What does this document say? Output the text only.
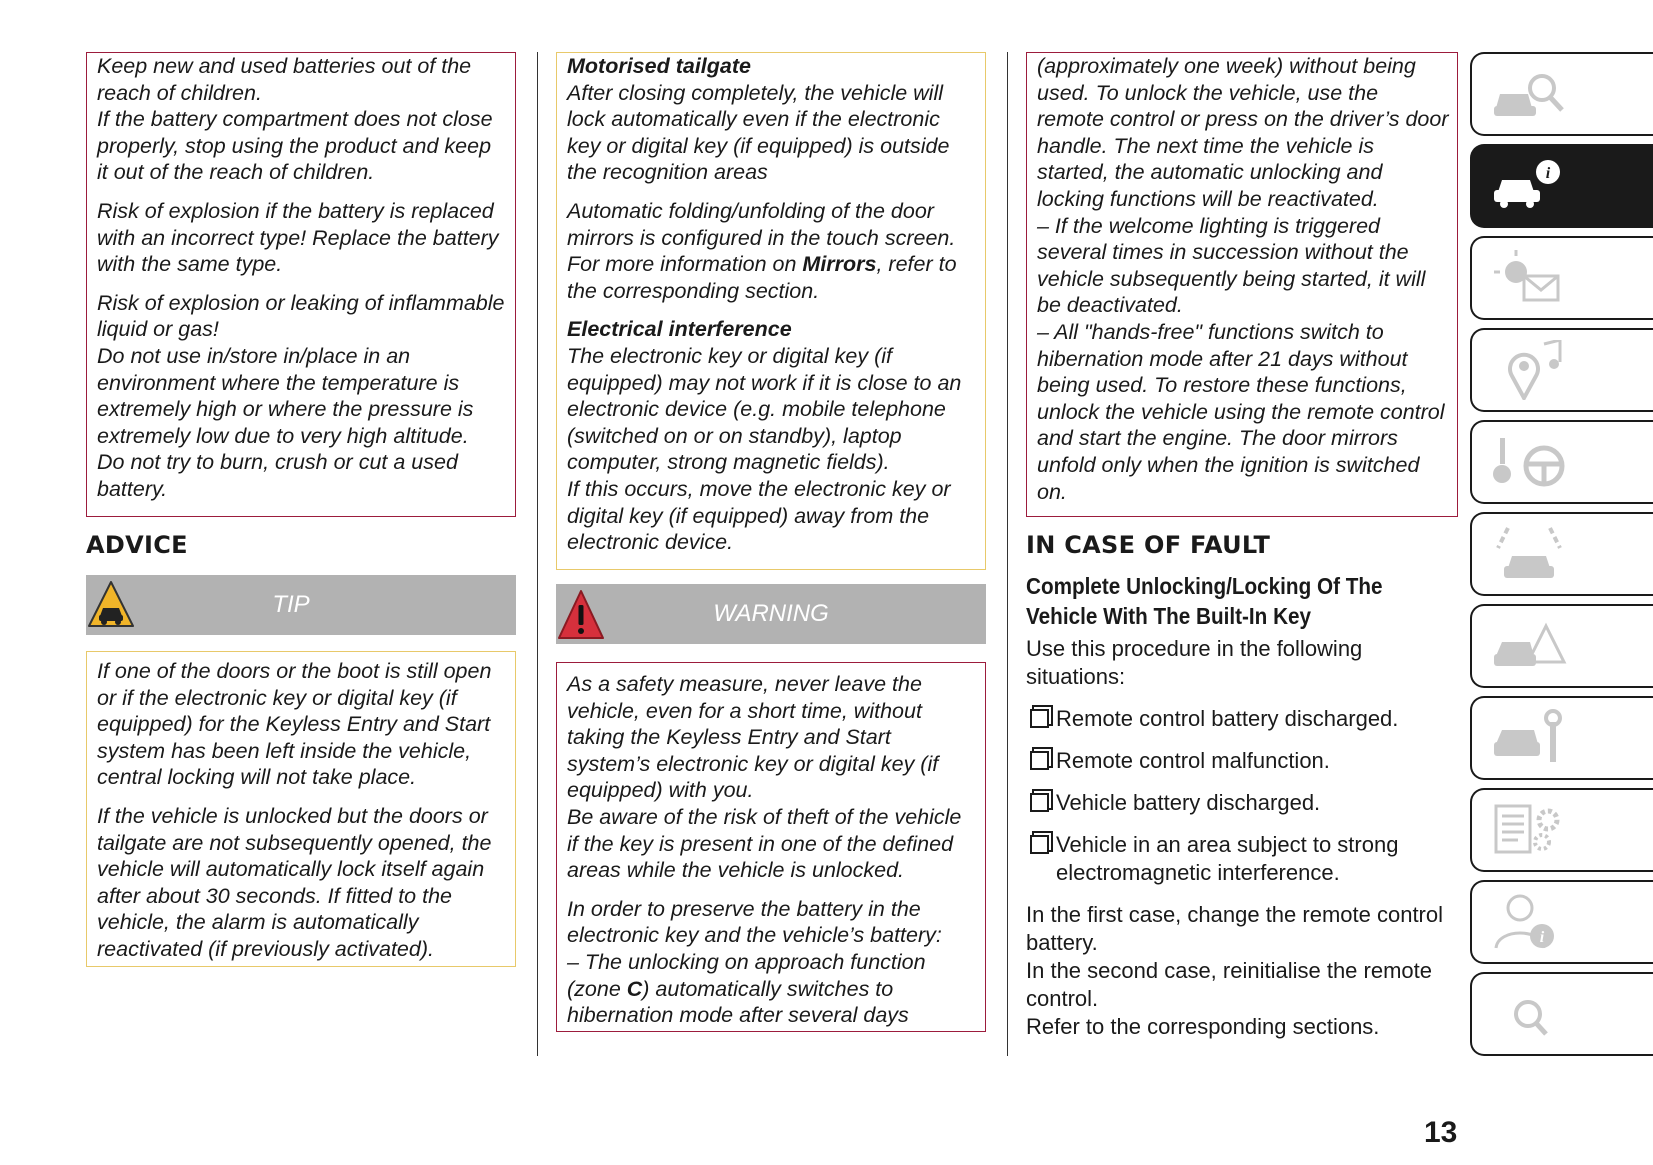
Keep new and used batteries out of the reach of children.
If the battery compartment does not close properly, stop using the product and keep it out of the reach of children.

Risk of explosion if the battery is replaced with an incorrect type! Replace the battery with the same type.

Risk of explosion or leaking of inflammable liquid or gas!
Do not use in/store in/place in an environment where the temperature is extremely high or where the pressure is extremely low due to very high altitude.
Do not try to burn, crush or cut a used battery.

ADVICE
TIP

If one of the doors or the boot is still open or if the electronic key or digital key (if equipped) for the Keyless Entry and Start system has been left inside the vehicle, central locking will not take place.

If the vehicle is unlocked but the doors or tailgate are not subsequently opened, the vehicle will automatically lock itself again after about 30 seconds. If fitted to the vehicle, the alarm is automatically reactivated (if previously activated).

Motorised tailgate
After closing completely, the vehicle will lock automatically even if the electronic key or digital key (if equipped) is outside the recognition areas

Automatic folding/unfolding of the door mirrors is configured in the touch screen. For more information on Mirrors, refer to the corresponding section.

Electrical interference
The electronic key or digital key (if equipped) may not work if it is close to an electronic device (e.g. mobile telephone (switched on or on standby), laptop computer, strong magnetic fields).
If this occurs, move the electronic key or digital key (if equipped) away from the electronic device.

WARNING

As a safety measure, never leave the vehicle, even for a short time, without taking the Keyless Entry and Start system’s electronic key or digital key (if equipped) with you.
Be aware of the risk of theft of the vehicle if the key is present in one of the defined areas while the vehicle is unlocked.

In order to preserve the battery in the electronic key and the vehicle’s battery:
– The unlocking on approach function (zone C) automatically switches to hibernation mode after several days

(approximately one week) without being used. To unlock the vehicle, use the remote control or press on the driver’s door handle. The next time the vehicle is started, the automatic unlocking and locking functions will be reactivated.
– If the welcome lighting is triggered several times in succession without the vehicle subsequently being started, it will be deactivated.
– All "hands-free" functions switch to hibernation mode after 21 days without being used. To restore these functions, unlock the vehicle using the remote control and start the engine. The door mirrors unfold only when the ignition is switched on.

IN CASE OF FAULT
Complete Unlocking/Locking Of The Vehicle With The Built-In Key
Use this procedure in the following situations:
Remote control battery discharged.
Remote control malfunction.
Vehicle battery discharged.
Vehicle in an area subject to strong electromagnetic interference.
In the first case, change the remote control battery.
In the second case, reinitialise the remote control.
Refer to the corresponding sections.
i
i
13
